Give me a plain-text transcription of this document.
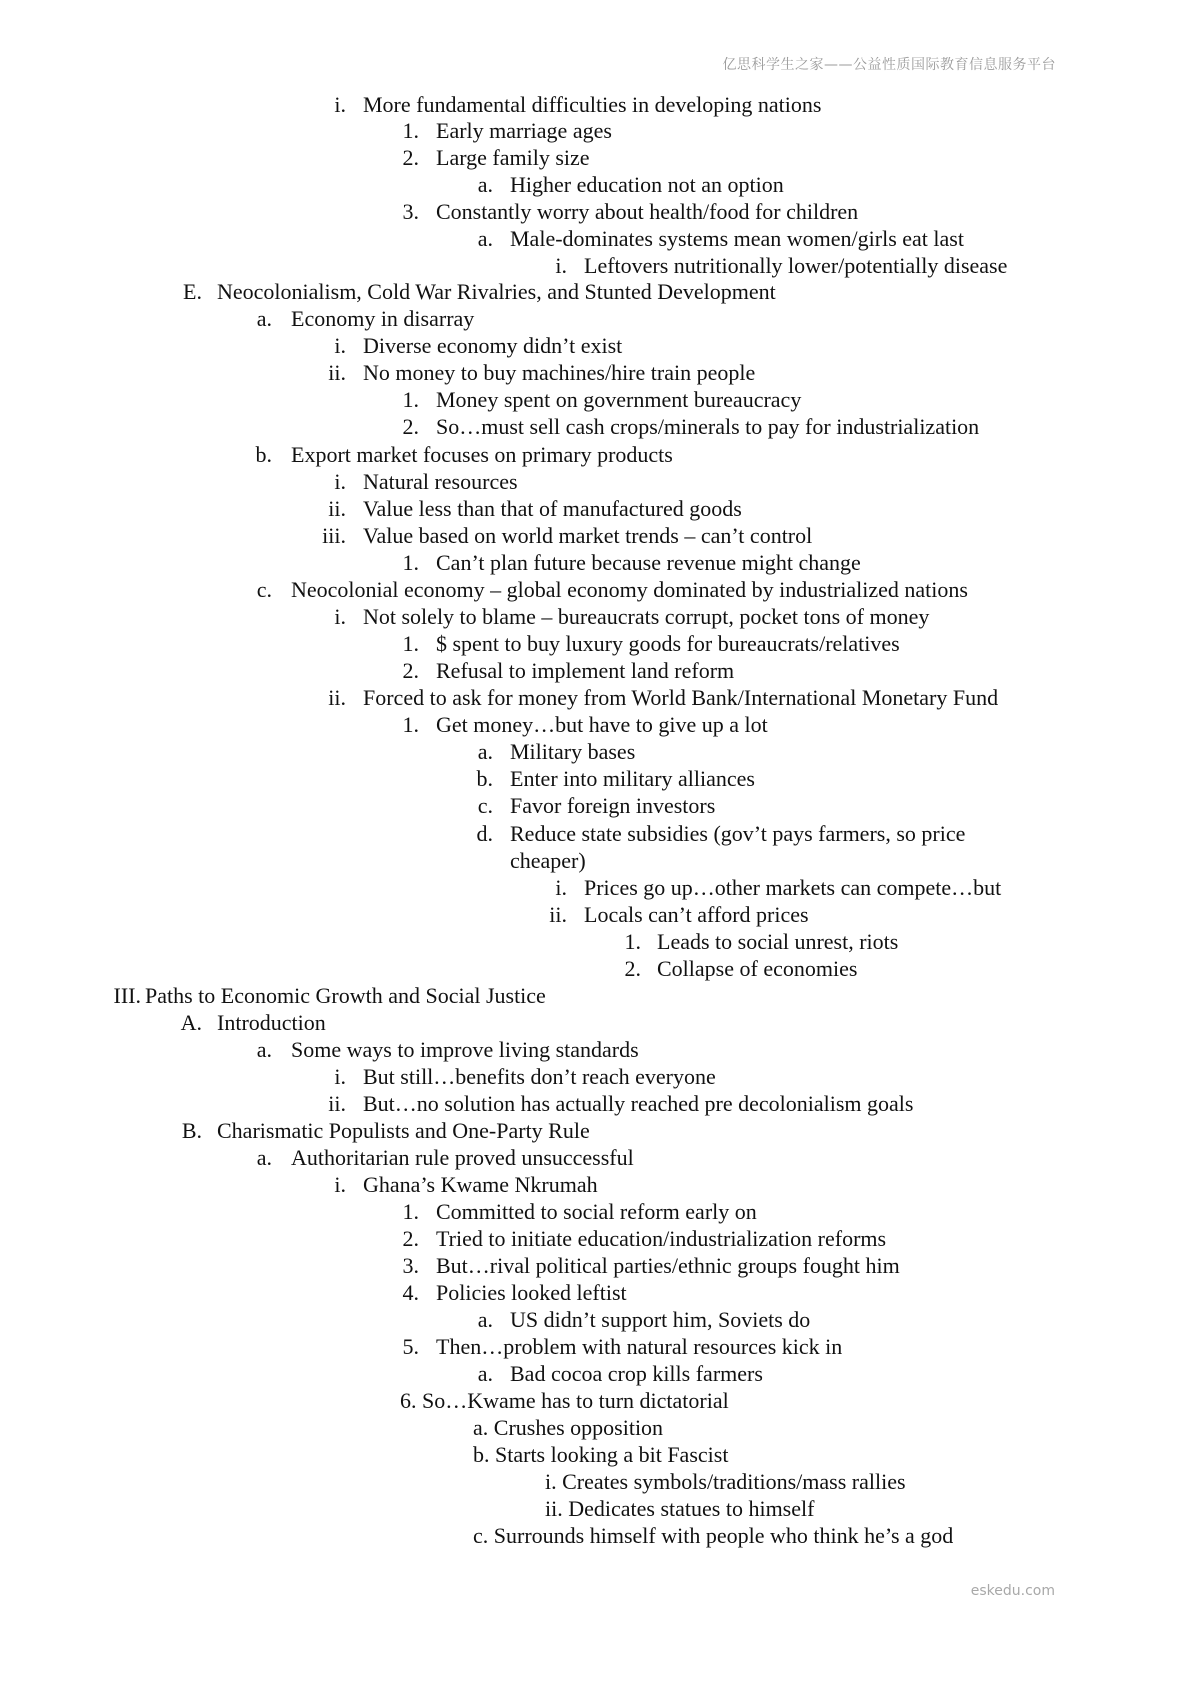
亿思科学生之家——公益性质国际教育信息服务平台
i. More fundamental difficulties in developing nations
1. Early marriage ages
2. Large family size
a. Higher education not an option
3. Constantly worry about health/food for children
a. Male-dominates systems mean women/girls eat last
i. Leftovers nutritionally lower/potentially disease
E. Neocolonialism, Cold War Rivalries, and Stunted Development
a. Economy in disarray
i. Diverse economy didn’t exist
ii. No money to buy machines/hire train people
1. Money spent on government bureaucracy
2. So…must sell cash crops/minerals to pay for industrialization
b. Export market focuses on primary products
i. Natural resources
ii. Value less than that of manufactured goods
iii. Value based on world market trends – can’t control
1. Can’t plan future because revenue might change
c. Neocolonial economy – global economy dominated by industrialized nations
i. Not solely to blame – bureaucrats corrupt, pocket tons of money
1. $ spent to buy luxury goods for bureaucrats/relatives
2. Refusal to implement land reform
ii. Forced to ask for money from World Bank/International Monetary Fund
1. Get money…but have to give up a lot
a. Military bases
b. Enter into military alliances
c. Favor foreign investors
d. Reduce state subsidies (gov’t pays farmers, so price
cheaper)
i. Prices go up…other markets can compete…but
ii. Locals can’t afford prices
1. Leads to social unrest, riots
2. Collapse of economies
III. Paths to Economic Growth and Social Justice
A. Introduction
a. Some ways to improve living standards
i. But still…benefits don’t reach everyone
ii. But…no solution has actually reached pre decolonialism goals
B. Charismatic Populists and One-Party Rule
a. Authoritarian rule proved unsuccessful
i. Ghana’s Kwame Nkrumah
1. Committed to social reform early on
2. Tried to initiate education/industrialization reforms
3. But…rival political parties/ethnic groups fought him
4. Policies looked leftist
a. US didn’t support him, Soviets do
5. Then…problem with natural resources kick in
a. Bad cocoa crop kills farmers
6. So…Kwame has to turn dictatorial
a. Crushes opposition
b. Starts looking a bit Fascist
i. Creates symbols/traditions/mass rallies
ii. Dedicates statues to himself
c. Surrounds himself with people who think he’s a god
eskedu.com
